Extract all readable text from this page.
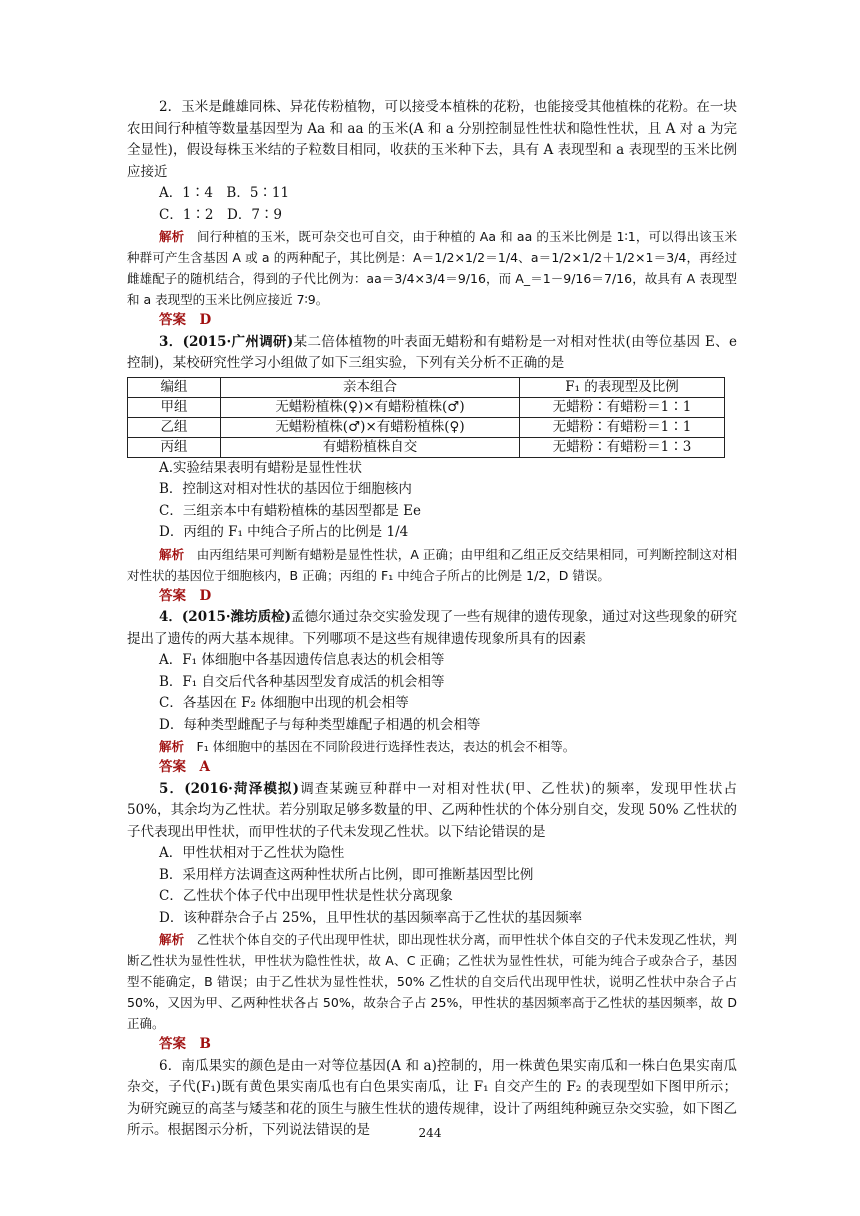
2．玉米是雌雄同株、异花传粉植物，可以接受本植株的花粉，也能接受其他植株的花粉。在一块农田间行种植等数量基因型为 Aa 和 aa 的玉米(A 和 a 分别控制显性性状和隐性性状，且 A 对 a 为完全显性)，假设每株玉米结的子粒数目相同，收获的玉米种下去，具有 A 表现型和 a 表现型的玉米比例应接近

A．1∶4　B．5∶11

C．1∶2　D．7∶9

解析　 间行种植的玉米，既可杂交也可自交，由于种植的 Aa 和 aa 的玉米比例是 1∶1，可以得出该玉米种群可产生含基因 A 或 a 的两种配子，其比例是：A＝1/2×1/2＝1/4、a＝1/2×1/2＋1/2×1＝3/4，再经过雌雄配子的随机结合，得到的子代比例为：aa＝3/4×3/4＝9/16，而 A_＝1－9/16＝7/16，故具有 A 表现型和 a 表现型的玉米比例应接近 7∶9。

答案　 D

3．(2015·广州调研)某二倍体植物的叶表面无蜡粉和有蜡粉是一对相对性状(由等位基因 E、e 控制)，某校研究性学习小组做了如下三组实验，下列有关分析不正确的是

编组	亲本组合	F₁ 的表现型及比例
甲组	无蜡粉植株(♀)×有蜡粉植株(♂)	无蜡粉∶有蜡粉＝1∶1
乙组	无蜡粉植株(♂)×有蜡粉植株(♀)	无蜡粉∶有蜡粉＝1∶1
丙组	有蜡粉植株自交	无蜡粉∶有蜡粉＝1∶3

A.实验结果表明有蜡粉是显性性状

B．控制这对相对性状的基因位于细胞核内

C．三组亲本中有蜡粉植株的基因型都是 Ee

D．丙组的 F₁ 中纯合子所占的比例是 1/4

解析　 由丙组结果可判断有蜡粉是显性性状，A 正确；由甲组和乙组正反交结果相同，可判断控制这对相对性状的基因位于细胞核内，B 正确；丙组的 F₁ 中纯合子所占的比例是 1/2，D 错误。

答案　 D

4．(2015·潍坊质检)孟德尔通过杂交实验发现了一些有规律的遗传现象，通过对这些现象的研究提出了遗传的两大基本规律。下列哪项不是这些有规律遗传现象所具有的因素

A．F₁ 体细胞中各基因遗传信息表达的机会相等

B．F₁ 自交后代各种基因型发育成活的机会相等

C．各基因在 F₂ 体细胞中出现的机会相等

D．每种类型雌配子与每种类型雄配子相遇的机会相等

解析　 F₁ 体细胞中的基因在不同阶段进行选择性表达，表达的机会不相等。

答案　 A

5．(2016·菏泽模拟)调查某豌豆种群中一对相对性状(甲、乙性状)的频率，发现甲性状占 50%，其余均为乙性状。若分别取足够多数量的甲、乙两种性状的个体分别自交，发现 50% 乙性状的子代表现出甲性状，而甲性状的子代未发现乙性状。以下结论错误的是

A．甲性状相对于乙性状为隐性

B．采用样方法调查这两种性状所占比例，即可推断基因型比例

C．乙性状个体子代中出现甲性状是性状分离现象

D．该种群杂合子占 25%，且甲性状的基因频率高于乙性状的基因频率

解析　 乙性状个体自交的子代出现甲性状，即出现性状分离，而甲性状个体自交的子代未发现乙性状，判断乙性状为显性性状，甲性状为隐性性状，故 A、C 正确；乙性状为显性性状，可能为纯合子或杂合子，基因型不能确定，B 错误；由于乙性状为显性性状，50% 乙性状的自交后代出现甲性状，说明乙性状中杂合子占 50%，又因为甲、乙两种性状各占 50%，故杂合子占 25%，甲性状的基因频率高于乙性状的基因频率，故 D 正确。

答案　 B

6．南瓜果实的颜色是由一对等位基因(A 和 a)控制的，用一株黄色果实南瓜和一株白色果实南瓜杂交，子代(F₁)既有黄色果实南瓜也有白色果实南瓜，让 F₁ 自交产生的 F₂ 的表现型如下图甲所示；为研究豌豆的高茎与矮茎和花的顶生与腋生性状的遗传规律，设计了两组纯种豌豆杂交实验，如下图乙所示。根据图示分析，下列说法错误的是	244
